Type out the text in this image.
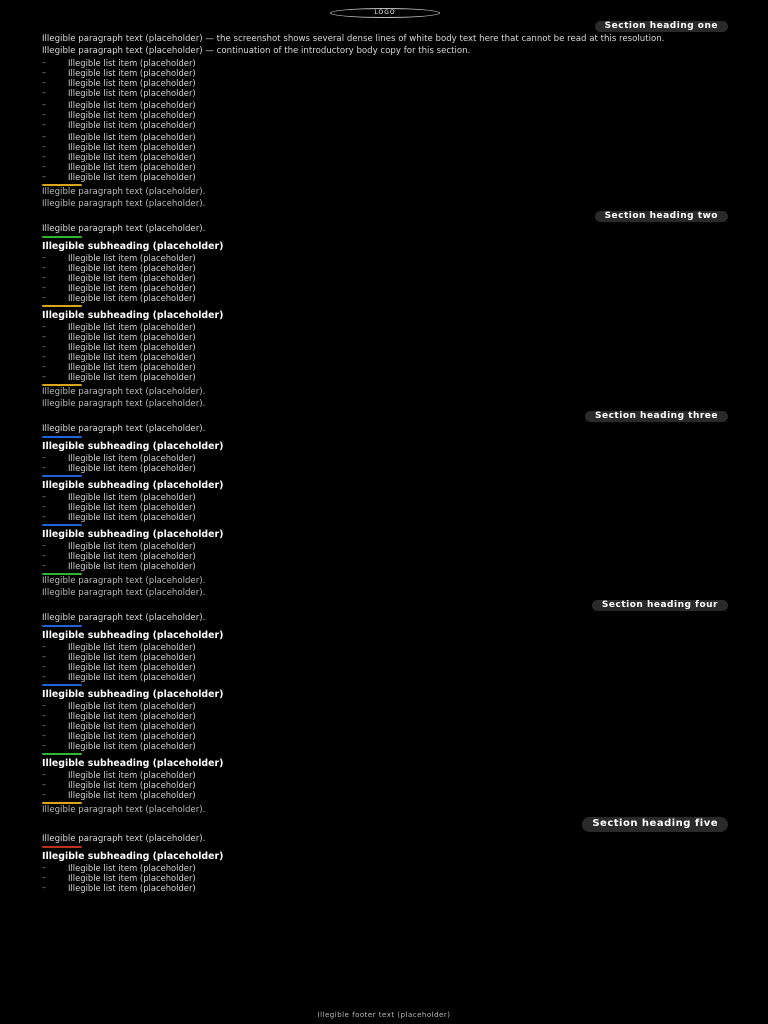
LOGO
Section heading one

Illegible paragraph text (placeholder) — the screenshot shows several dense lines of white body text here that cannot be read at this resolution.

Illegible paragraph text (placeholder) — continuation of the introductory body copy for this section.

–	Illegible list item (placeholder)
–	Illegible list item (placeholder)
–	Illegible list item (placeholder)
–	Illegible list item (placeholder)
–	Illegible list item (placeholder)
–	Illegible list item (placeholder)
–	Illegible list item (placeholder)
–	Illegible list item (placeholder)
–	Illegible list item (placeholder)
–	Illegible list item (placeholder)
–	Illegible list item (placeholder)
–	Illegible list item (placeholder)

Illegible paragraph text (placeholder).

Illegible paragraph text (placeholder).

Section heading two

Illegible paragraph text (placeholder).

Illegible subheading (placeholder)
–	Illegible list item (placeholder)
–	Illegible list item (placeholder)
–	Illegible list item (placeholder)
–	Illegible list item (placeholder)
–	Illegible list item (placeholder)
Illegible subheading (placeholder)
–	Illegible list item (placeholder)
–	Illegible list item (placeholder)
–	Illegible list item (placeholder)
–	Illegible list item (placeholder)
–	Illegible list item (placeholder)
–	Illegible list item (placeholder)

Illegible paragraph text (placeholder).

Illegible paragraph text (placeholder).

Section heading three

Illegible paragraph text (placeholder).

Illegible subheading (placeholder)
–	Illegible list item (placeholder)
–	Illegible list item (placeholder)
Illegible subheading (placeholder)
–	Illegible list item (placeholder)
–	Illegible list item (placeholder)
–	Illegible list item (placeholder)
Illegible subheading (placeholder)
–	Illegible list item (placeholder)
–	Illegible list item (placeholder)
–	Illegible list item (placeholder)

Illegible paragraph text (placeholder).

Illegible paragraph text (placeholder).

Section heading four

Illegible paragraph text (placeholder).

Illegible subheading (placeholder)
–	Illegible list item (placeholder)
–	Illegible list item (placeholder)
–	Illegible list item (placeholder)
–	Illegible list item (placeholder)
Illegible subheading (placeholder)
–	Illegible list item (placeholder)
–	Illegible list item (placeholder)
–	Illegible list item (placeholder)
–	Illegible list item (placeholder)
–	Illegible list item (placeholder)
Illegible subheading (placeholder)
–	Illegible list item (placeholder)
–	Illegible list item (placeholder)
–	Illegible list item (placeholder)

Illegible paragraph text (placeholder).

Section heading five

Illegible paragraph text (placeholder).

Illegible subheading (placeholder)
–	Illegible list item (placeholder)
–	Illegible list item (placeholder)
–	Illegible list item (placeholder)
Illegible footer text (placeholder)
